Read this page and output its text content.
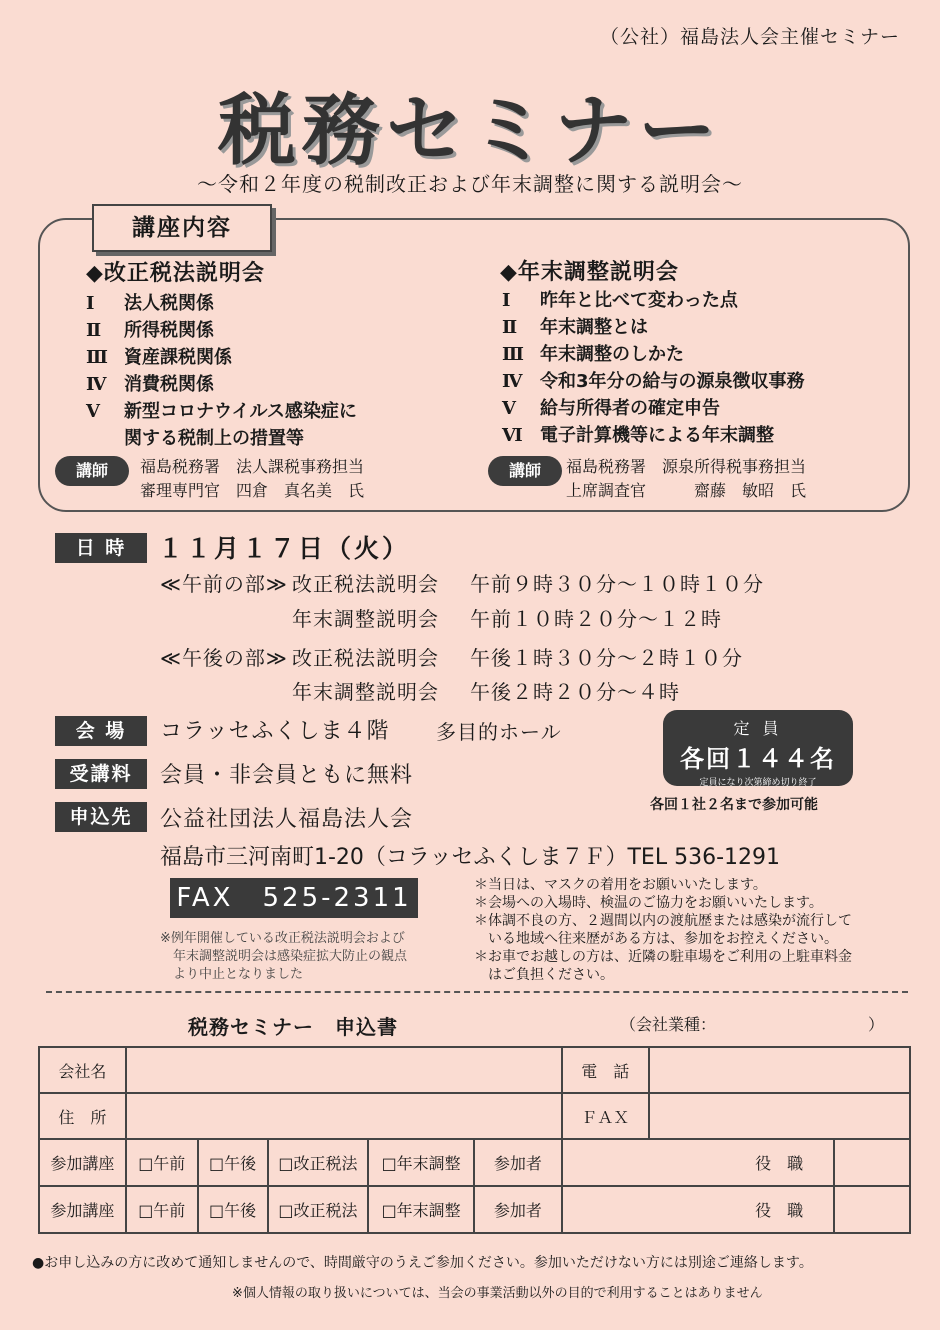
（公社）福島法人会主催セミナー
税務セミナー
〜令和２年度の税制改正および年末調整に関する説明会〜
講座内容
◆改正税法説明会
Ⅰ 法人税関係
Ⅱ 所得税関係
Ⅲ 資産課税関係
Ⅳ 消費税関係
Ⅴ 新型コロナウイルス感染症に
関する税制上の措置等
講師	福島税務署　法人課税事務担当
審理専門官　四倉　真名美　氏
◆年末調整説明会
Ⅰ 昨年と比べて変わった点
Ⅱ 年末調整とは
Ⅲ 年末調整のしかた
Ⅳ 令和3年分の給与の源泉徴収事務
Ⅴ 給与所得者の確定申告
Ⅵ 電子計算機等による年末調整
講師	福島税務署　源泉所得税事務担当
上席調査官　　　齋藤　敏昭　氏
日 時	１１月１７日（火）
≪午前の部≫ 改正税法説明会 午前９時３０分〜１０時１０分
年末調整説明会 午前１０時２０分〜１２時
≪午後の部≫ 改正税法説明会 午後１時３０分〜２時１０分
年末調整説明会 午後２時２０分〜４時
会 場	コラッセふくしま４階 多目的ホール
受講料	会員・非会員ともに無料
申込先	公益社団法人福島法人会
福島市三河南町1-20（コラッセふくしま７Ｆ）TEL 536-1291
定 員
各回１４４名
定員になり次第締め切り終了
各回１社２名まで参加可能
FAX　525-2311
※例年開催している改正税法説明会および
　年末調整説明会は感染症拡大防止の観点
　より中止となりました
＊当日は、マスクの着用をお願いいたします。
＊会場への入場時、検温のご協力をお願いいたします。
＊体調不良の方、２週間以内の渡航歴または感染が流行して
　いる地域へ往来歴がある方は、参加をお控えください。
＊お車でお越しの方は、近隣の駐車場をご利用の上駐車料金
　はご負担ください。
税務セミナー　申込書	（会社業種：　　　　　　　　　　）
会社名						電　話		
住　所						ＦＡＸ		
参加講座	□午前	□午後	□改正税法	□年末調整	参加者	役　職		
参加講座	□午前	□午後	□改正税法	□年末調整	参加者	役　職		
●お申し込みの方に改めて通知しませんので、時間厳守のうえご参加ください。参加いただけない方には別途ご連絡します。
※個人情報の取り扱いについては、当会の事業活動以外の目的で利用することはありません
